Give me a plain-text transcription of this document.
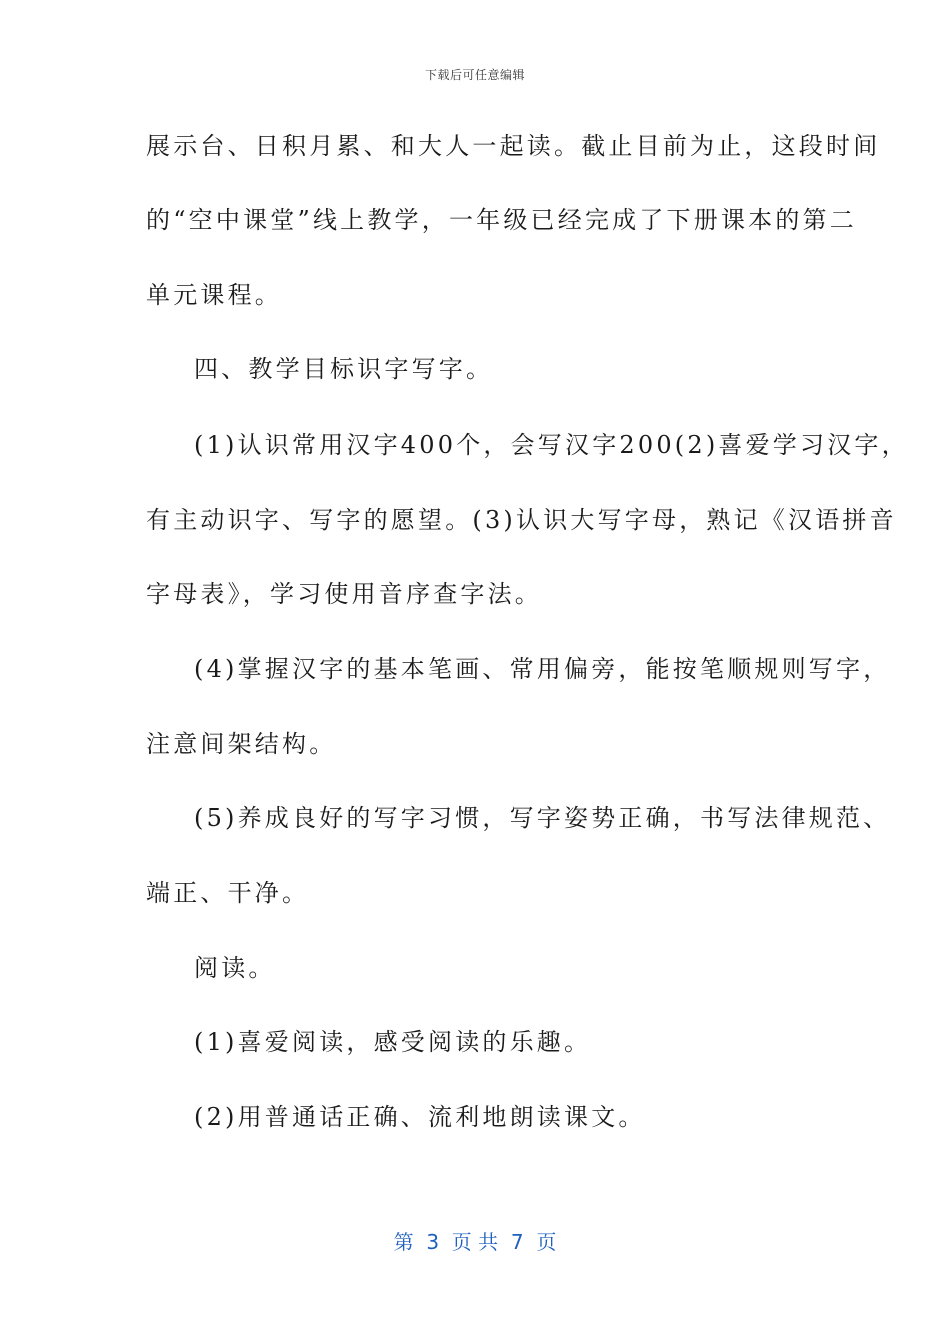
下载后可任意编辑
展示台、日积月累、和大人一起读。截止目前为止，这段时间
的“空中课堂”线上教学，一年级已经完成了下册课本的第二
单元课程。
四、教学目标识字写字。
(1)认识常用汉字400个，会写汉字200(2)喜爱学习汉字，
有主动识字、写字的愿望。(3)认识大写字母，熟记《汉语拼音
字母表》，学习使用音序查字法。
(4)掌握汉字的基本笔画、常用偏旁，能按笔顺规则写字，
注意间架结构。
(5)养成良好的写字习惯，写字姿势正确，书写法律规范、
端正、干净。
阅读。
(1)喜爱阅读，感受阅读的乐趣。
(2)用普通话正确、流利地朗读课文。
第  3  页 共  7  页
